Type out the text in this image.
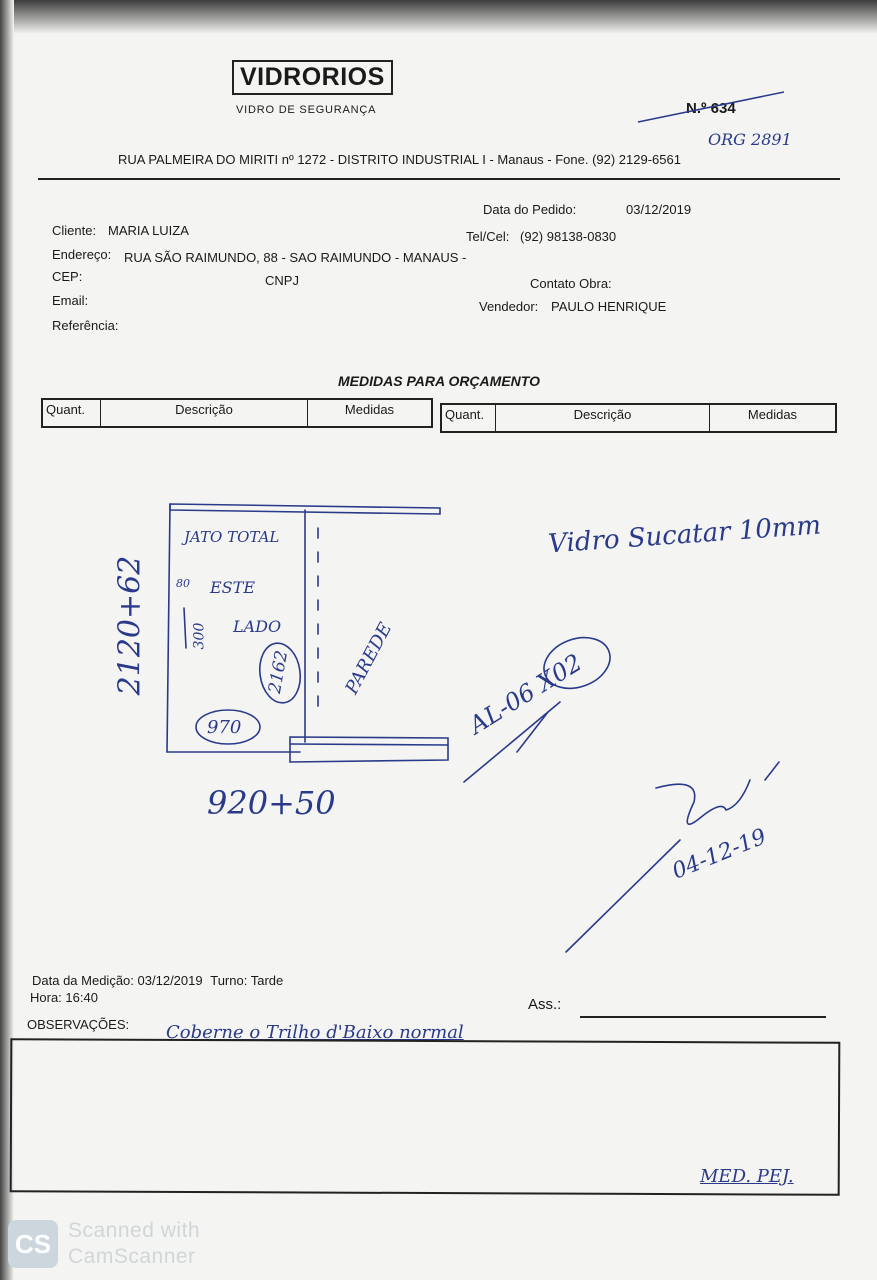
VIDRORIOS
VIDRO DE SEGURANÇA	N.º 634
ORG 2891
RUA PALMEIRA DO MIRITI nº 1272 - DISTRITO INDUSTRIAL I - Manaus - Fone. (92) 2129-6561
Data do Pedido:	03/12/2019
Cliente: MARIA LUIZA	Tel/Cel: (92) 98138-0830
Endereço: RUA SÃO RAIMUNDO, 88 - SAO RAIMUNDO - MANAUS -
CEP:	CNPJ	Contato Obra:
Email:	Vendedor: PAULO HENRIQUE
Referência:
MEDIDAS PARA ORÇAMENTO
Quant.	Descrição	Medidas	Quant.	Descrição	Medidas
JATO TOTAL
ESTE
80
LADO
300
2162
970
PAREDE
2120+62
920+50
AL-06 X02
Vidro Sucatar 10mm
04-12-19
Data da Medição: 03/12/2019 Turno: Tarde
Hora: 16:40	Ass.:
OBSERVAÇÕES: Coberne o Trilho d'Baixo normal
MED. PEJ.
CS Scanned with
CamScanner
